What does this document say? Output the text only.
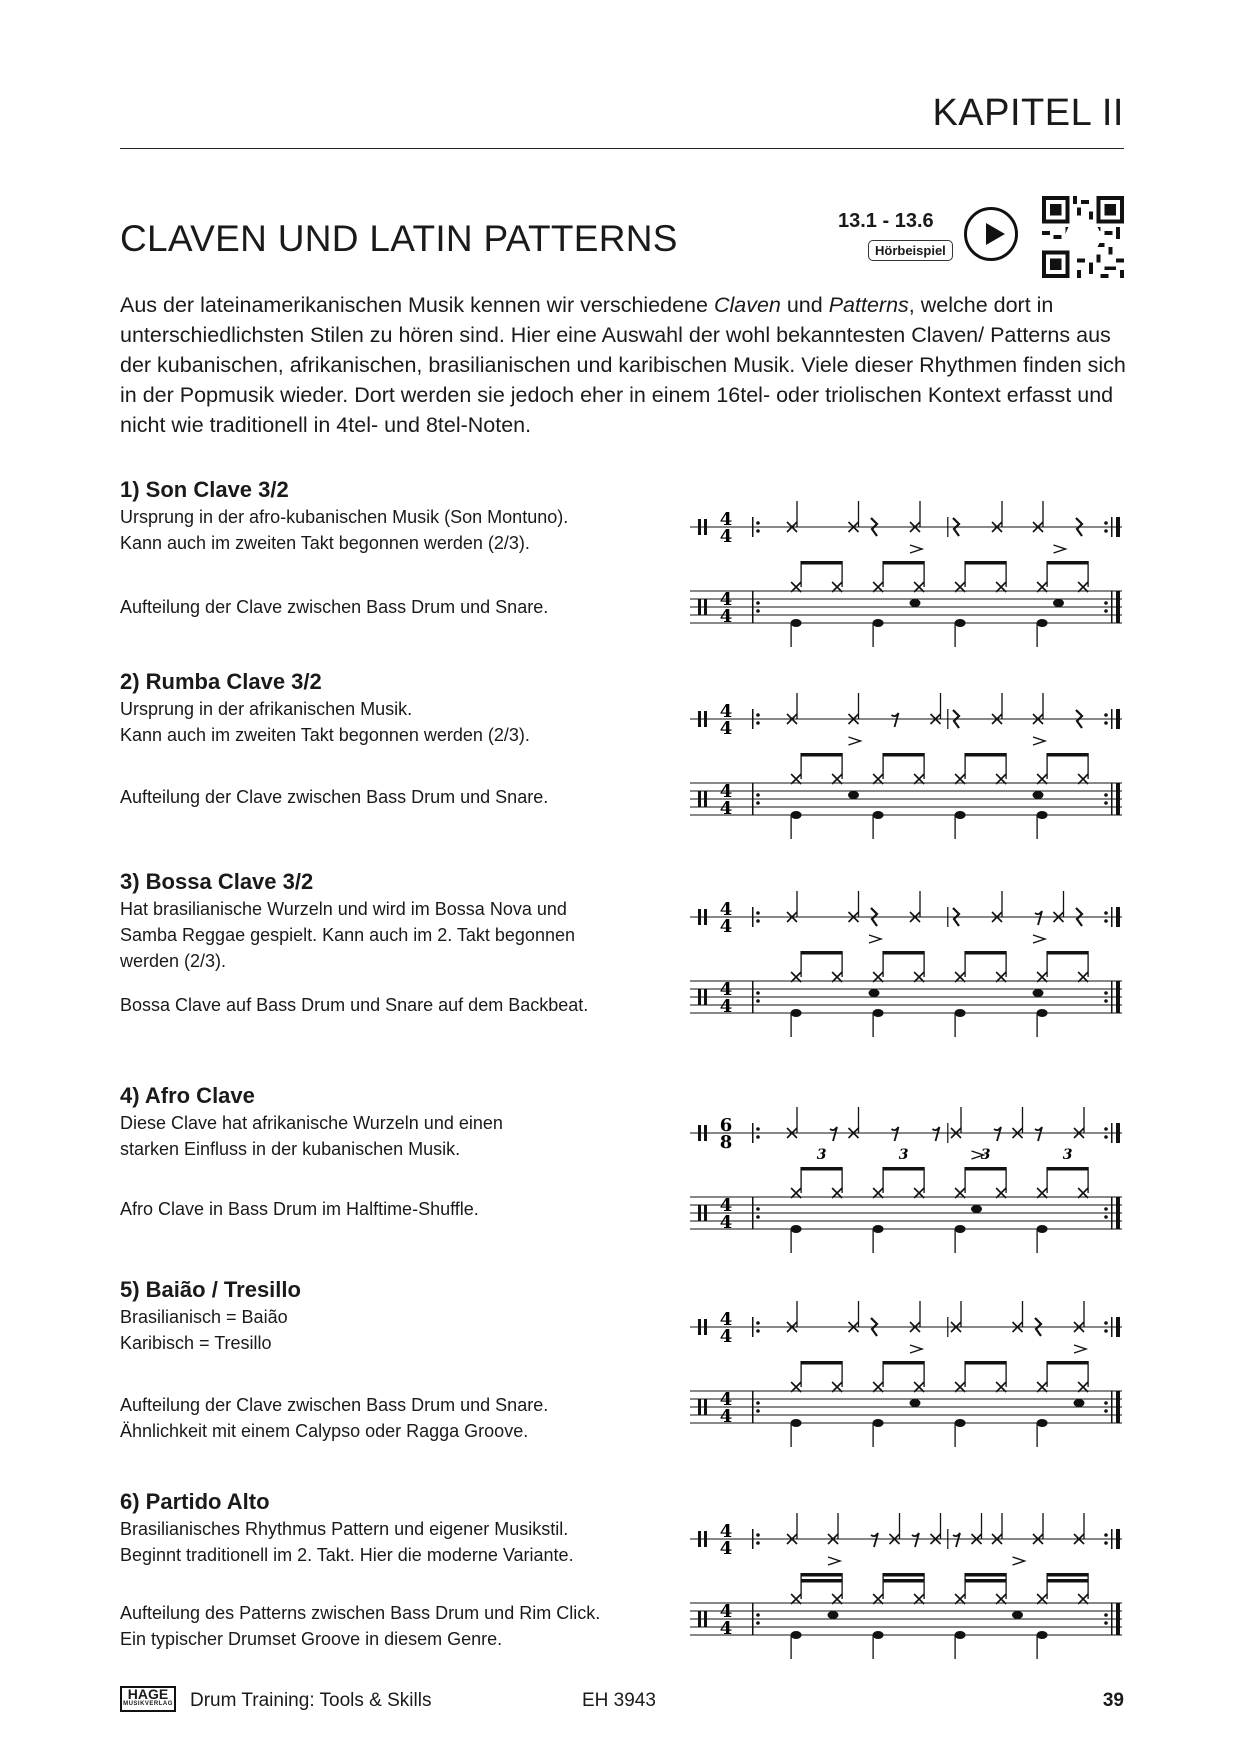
KAPITEL II
CLAVEN UND LATIN PATTERNS	13.1 - 13.6
Hörbeispiel

Aus der lateinamerikanischen Musik kennen wir verschiedene Claven und Patterns, welche dort in unterschiedlichsten Stilen zu hören sind. Hier eine Auswahl der wohl bekanntesten Claven/ Patterns aus der kubanischen, afrikanischen, brasilianischen und karibischen Musik. Viele dieser Rhythmen finden sich in der Popmusik wieder. Dort werden sie jedoch eher in einem 16tel- oder triolischen Kontext erfasst und nicht wie traditionell in 4tel- und 8tel-Noten.

1) Son Clave 3/2
Ursprung in der afro-kubanischen Musik (Son Montuno).
Kann auch im zweiten Takt begonnen werden (2/3).
Aufteilung der Clave zwischen Bass Drum und Snare.
2) Rumba Clave 3/2
Ursprung in der afrikanischen Musik.
Kann auch im zweiten Takt begonnen werden (2/3).
Aufteilung der Clave zwischen Bass Drum und Snare.
3) Bossa Clave 3/2
Hat brasilianische Wurzeln und wird im Bossa Nova und
Samba Reggae gespielt. Kann auch im 2. Takt begonnen
werden (2/3).
Bossa Clave auf Bass Drum und Snare auf dem Backbeat.
4) Afro Clave
Diese Clave hat afrikanische Wurzeln und einen
starken Einfluss in der kubanischen Musik.
Afro Clave in Bass Drum im Halftime-Shuffle.
5) Baião / Tresillo
Brasilianisch = Baião
Karibisch = Tresillo
Aufteilung der Clave zwischen Bass Drum und Snare.
Ähnlichkeit mit einem Calypso oder Ragga Groove.
6) Partido Alto
Brasilianisches Rhythmus Pattern und eigener Musikstil.
Beginnt traditionell im 2. Takt. Hier die moderne Variante.
Aufteilung des Patterns zwischen Bass Drum und Rim Click.
Ein typischer Drumset Groove in diesem Genre.
4
4
4
4
4
4
4
4
4
4
4
4
6
8
4
4
3	3	3	3
4
4
4
4
4
4
4
4
HAGE
MUSIKVERLAG Drum Training: Tools & Skills	EH 3943	39
